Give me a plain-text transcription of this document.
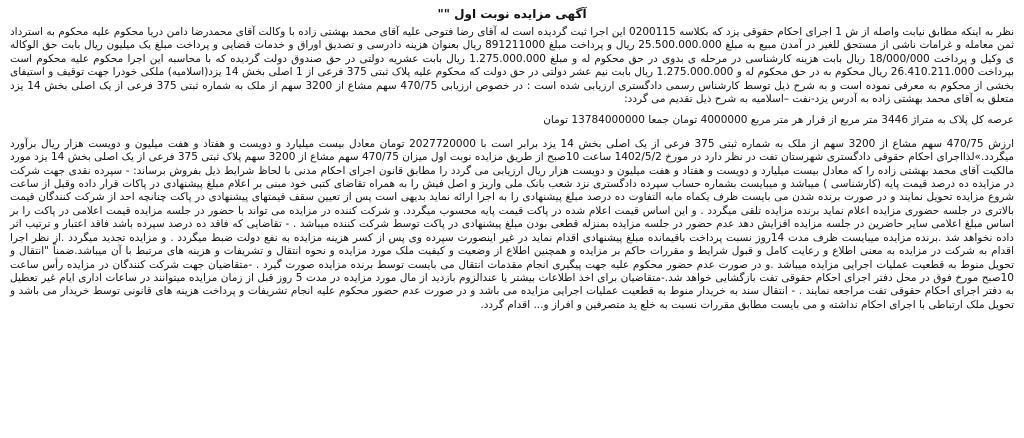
آگهی مزایده نوبت اول ""

نظر به اینکه مطابق نیابت واصله از ش 1 اجرای احکام حقوقی یزد که بکلاسه 0200115 این اجرا ثبت گردیده است له آقای رضا فتوحی علیه آقای محمد بهشتی زاده با وکالت آقای محمدرضا دامن دریا محکوم علیه محکوم به استرداد ثمن معامله و غرامات ناشی از مستحق للغیر در آمدن مبیع به مبلغ 25.500.000.000 ریال و پرداخت مبلغ 891211000 ریال بعنوان هزینه دادرسی و تصدیق اوراق و خدمات قضایی و پرداخت مبلغ یک میلیون ریال بابت حق الوکاله ی وکیل و پرداخت 18/000/000 ریال بابت هزینه کارشناسی در مرحله ی بدوی در حق محکوم له و مبلغ 1.275.000.000 ریال بابت عشریه دولتی در حق صندوق دولت گردیده که با محاسبه این اجرا محکوم علیه محکوم است بپرداخت 26.410.211.000 ریال محکوم به در حق محکوم له و 1.275.000.000 ریال بابت نیم عشر دولتی در حق دولت که محکوم علیه پلاک ثبتی 375 فرعی از 1 اصلی بخش 14 یزد(اسلامیه) ملکی خودرا جهت توقیف و استیفای بخشی از محکوم به معرفی نموده است و به شرح ذیل توسط کارشناس رسمی دادگستری ارزیابی شده است : در خصوص ارزیابی 470/75 سهم مشاع از 3200 سهم از ملک به شماره ثبتی 375 فرعی از یک اصلی بخش 14 یزد متعلق به آقای محمد بهشتی زاده به آدرس یزد-نفت –اسلامیه به شرح ذیل تقدیم می گردد:

عرصه کل پلاک به متراژ 3446 متر مربع از قرار هر متر مربع 4000000 تومان جمعا 13784000000 تومان

ارزش 470/75 سهم مشاع از 3200 سهم از ملک به شماره ثبتی 375 فرعی از یک اصلی بخش 14 یزد برابر است با 2027720000 تومان معادل بیست میلیارد و دویست و هفتاد و هفت میلیون و دویست هزار ریال برآورد میگردد.»لذااجرای احکام حقوقی دادگستری شهرستان تفت در نظر دارد در مورخ 1402/5/2 ساعت 10صبح از طریق مزایده نوبت اول میزان 470/75 سهم مشاع از 3200 سهم پلاک ثبتی 375 فرعی از یک اصلی بخش 14 یزد مورد مالکیت آقای محمد بهشتی زاده را که معادل بیست میلیارد و دویست و هفتاد و هفت میلیون و دویست هزار ریال ارزیابی می گردد را مطابق قانون اجرای احکام مدنی با لحاظ شرایط ذیل بفروش برساند: - سپرده نقدی جهت شرکت در مزایده ده درصد قیمت پایه (کارشناسی ) میباشد و میبایست بشماره حساب سپرده دادگستری نزد شعب بانک ملی واریز و اصل فیش را به همراه تقاضای کتبی خود مبنی بر اعلام مبلغ پیشنهادی در پاکات قرار داده وقبل از ساعت شروع مزایده تحویل نمایند و در صورت برنده شدن می بایست ظرف یکماه مابه التفاوت ده درصد مبلغ پیشنهادی را به اجرا ارائه نماید بدیهی است پس از تعیین سقف قیمتهای پیشنهادی در پاکت چنانچه احد از شرکت کنندگان قیمت بالاتری در جلسه حضوری مزایده اعلام نماید برنده مزایده تلقی میگردد . و این اساس قیمت اعلام شده در پاکت قیمت پایه محسوب میگردد. و شرکت کننده در مزایده می تواند با حضور در جلسه مزایده قیمت اعلامی در پاکت را بر اساس مبلغ اعلامی سایر حاضرین در جلسه مزایده افزایش دهد عدم حضور در جلسه مزایده بمنزله قطعی بودن مبلغ پیشنهادی در پاکت توسط شرکت کننده میباشد . - تقاضایی که فاقد ده درصد سپرده باشد فاقد اعتبار و ترتیب اثر داده نخواهد شد .برنده مزایده میبایست ظرف مدت 14روز نسبت پرداخت باقیمانده مبلغ پیشنهادی اقدام نماید در غیر اینصورت سپرده وی پس از کسر هزینه مزایده به نفع دولت ضبط میگردد . و مزایده تجدید میگردد .از نظر اجرا اقدام به شرکت در مزایده به معنی اطلاع و رعایت کامل و قبول شرایط و مقررات حاکم بر مزایده و همچنین اطلاع از وضعیت و کیفیت ملک مورد مزایده و نحوه انتقال و تشریفات و هزینه های مرتبط با آن میباشد.ضمناً "انتقال و تحویل منوط به قطعیت عملیات اجرایی مزایده میباشد .و در صورت عدم حضور محکوم علیه جهت پیگیری انجام مقدمات انتقال می بایست توسط برنده مزایده صورت گیرد . -متقاضیان جهت شرکت کنندگان در مزایده رأس ساعت 10صبح مورخ فوق در محل دفتر اجرای احکام حقوقی تفت بازگشایی خواهد شد.-متقاضیان برای اخذ اطلاعات بیشتر یا عندالزوم بازدید از مال مورد مزایده در مدت 5 روز قبل از زمان مزایده میتوانند در ساعات اداری ایام غیر تعطیل به دفتر اجرای احکام حقوقی تفت مراجعه نمایند . - انتقال سند به خریدار منوط به قطعیت عملیات اجرایی مزایده می باشد و در صورت عدم حضور محکوم علیه انجام تشریفات و پرداخت هزینه های قانونی توسط خریدار می باشد و تحویل ملک ارتباطی با اجرای احکام نداشته و می بایست مطابق مقررات نسبت به خلع ید متصرفین و افراز و... اقدام گردد.
